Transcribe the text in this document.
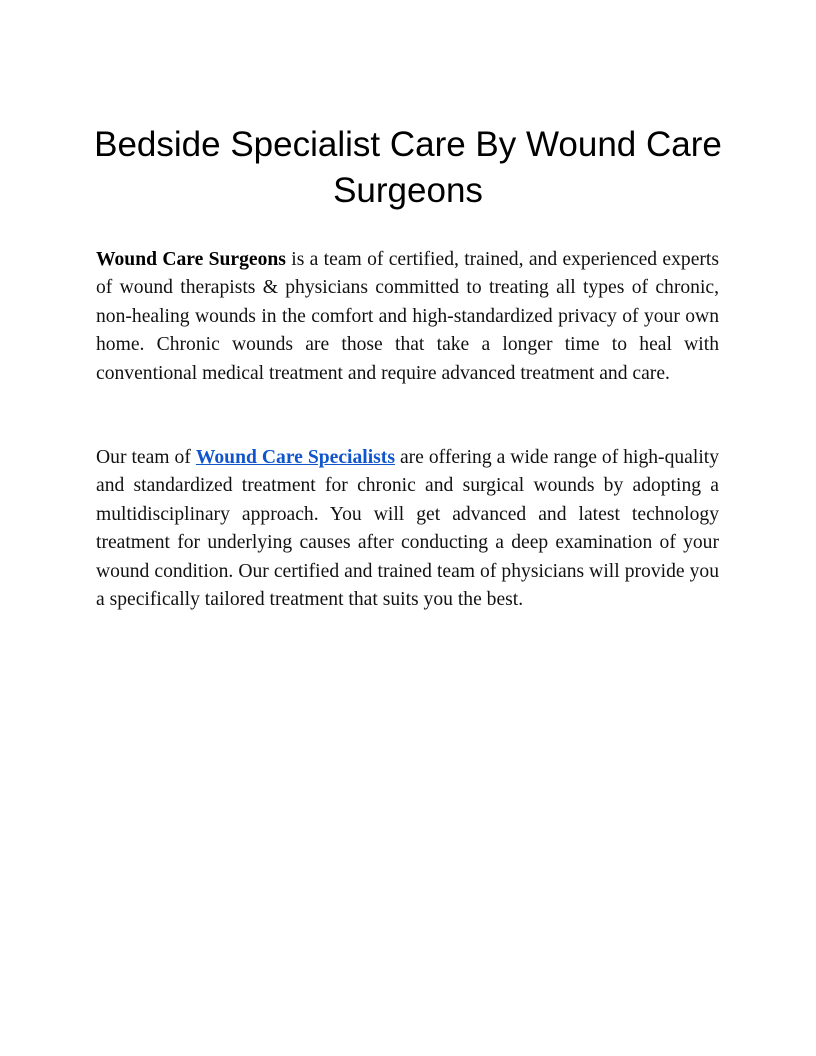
Bedside Specialist Care By Wound Care Surgeons

Wound Care Surgeons is a team of certified, trained, and experienced experts of wound therapists & physicians committed to treating all types of chronic, non-healing wounds in the comfort and high-standardized privacy of your own home. Chronic wounds are those that take a longer time to heal with conventional medical treatment and require advanced treatment and care.

Our team of Wound Care Specialists are offering a wide range of high-quality and standardized treatment for chronic and surgical wounds by adopting a multidisciplinary approach. You will get advanced and latest technology treatment for underlying causes after conducting a deep examination of your wound condition. Our certified and trained team of physicians will provide you a specifically tailored treatment that suits you the best.
